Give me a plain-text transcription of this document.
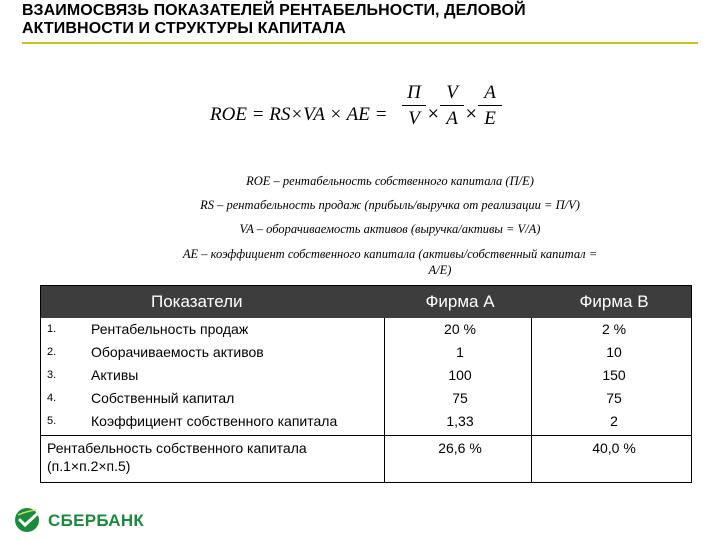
ВЗАИМОСВЯЗЬ ПОКАЗАТЕЛЕЙ РЕНТАБЕЛЬНОСТИ, ДЕЛОВОЙ
АКТИВНОСТИ И СТРУКТУРЫ КАПИТАЛА
ROE = RS×VA × AE =
П
V ×
V
A ×
A
E
ROE – рентабельность собственного капитала (П/E)
RS – рентабельность продаж (прибыль/выручка от реализации = П/V)
VA – оборачиваемость активов (выручка/активы = V/A)
AE – коэффициент собственного капитала (активы/собственный капитал =
A/E)
Показатели	Фирма А	Фирма В
1. Рентабельность продаж	20 %	2 %
2. Оборачиваемость активов	1	10
3. Активы	100	150
4. Собственный капитал	75	75
5. Коэффициент собственного капитала	1,33	2
Рентабельность собственного капитала
(п.1×п.2×п.5)
26,6 %	40,0 %
СБЕРБАНК
